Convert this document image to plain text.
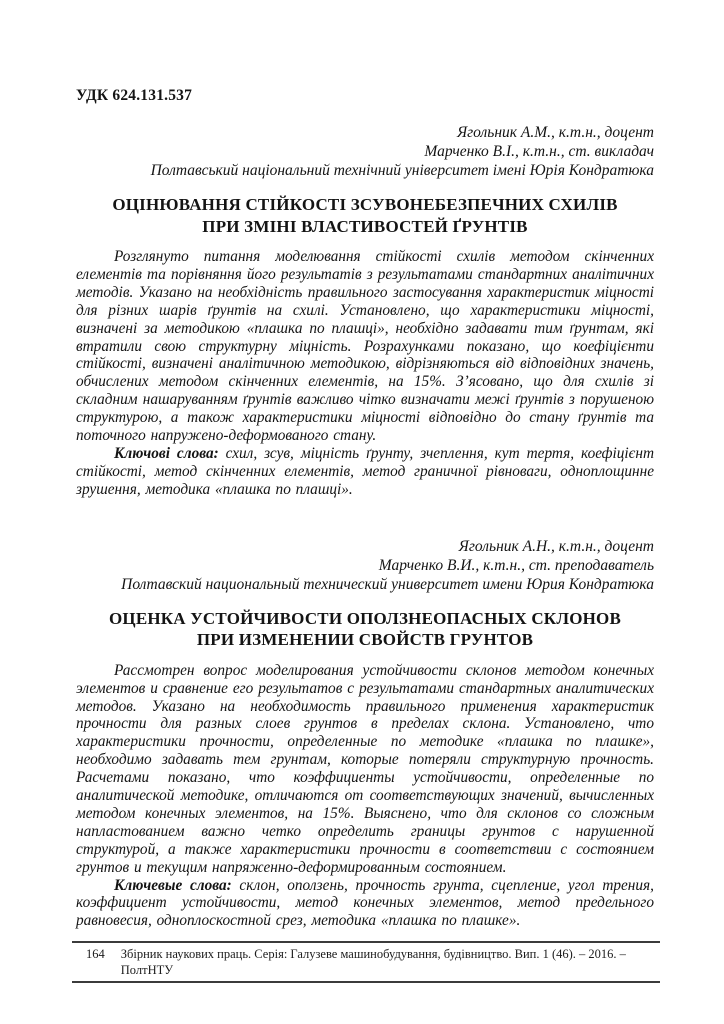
УДК 624.131.537
Ягольник А.М., к.т.н., доцент
Марченко В.І., к.т.н., ст. викладач
Полтавський національний технічний університет імені Юрія Кондратюка
ОЦІНЮВАННЯ СТІЙКОСТІ ЗСУВОНЕБЕЗПЕЧНИХ СХИЛІВ
ПРИ ЗМІНІ ВЛАСТИВОСТЕЙ ҐРУНТІВ

Розглянуто питання моделювання стійкості схилів методом скінченних елементів та порівняння його результатів з результатами стандартних аналітичних методів. Указано на необхідність правильного застосування характеристик міцності для різних шарів ґрунтів на схилі. Установлено, що характеристики міцності, визначені за методикою «плашка по плашці», необхідно задавати тим ґрунтам, які втратили свою структурну міцність. Розрахунками показано, що коефіцієнти стійкості, визначені аналітичною методикою, відрізняються від відповідних значень, обчислених методом скінченних елементів, на 15%. З’ясовано, що для схилів зі складним нашаруванням ґрунтів важливо чітко визначати межі ґрунтів з порушеною структурою, а також характеристики міцності відповідно до стану ґрунтів та поточного напружено-деформованого стану.

Ключові слова: схил, зсув, міцність ґрунту, зчеплення, кут тертя, коефіцієнт стійкості, метод скінченних елементів, метод граничної рівноваги, одноплощинне зрушення, методика «плашка по плашці».

Ягольник А.Н., к.т.н., доцент
Марченко В.И., к.т.н., ст. преподаватель
Полтавский национальный технический университет имени Юрия Кондратюка
ОЦЕНКА УСТОЙЧИВОСТИ ОПОЛЗНЕОПАСНЫХ СКЛОНОВ
ПРИ ИЗМЕНЕНИИ СВОЙСТВ ГРУНТОВ

Рассмотрен вопрос моделирования устойчивости склонов методом конечных элементов и сравнение его результатов с результатами стандартных аналитических методов. Указано на необходимость правильного применения характеристик прочности для разных слоев грунтов в пределах склона. Установлено, что характеристики прочности, определенные по методике «плашка по плашке», необходимо задавать тем грунтам, которые потеряли структурную прочность. Расчетами показано, что коэффициенты устойчивости, определенные по аналитической методике, отличаются от соответствующих значений, вычисленных методом конечных элементов, на 15%. Выяснено, что для склонов со сложным напластованием важно четко определить границы грунтов с нарушенной структурой, а также характеристики прочности в соответствии с состоянием грунтов и текущим напряженно-деформированным состоянием.

Ключевые слова: склон, оползень, прочность грунта, сцепление, угол трения, коэффициент устойчивости, метод конечных элементов, метод предельного равновесия, одноплоскостной срез, методика «плашка по плашке».

164 Збірник наукових праць. Серія: Галузеве машинобудування, будівництво. Вип. 1 (46). – 2016. – ПолтНТУ
